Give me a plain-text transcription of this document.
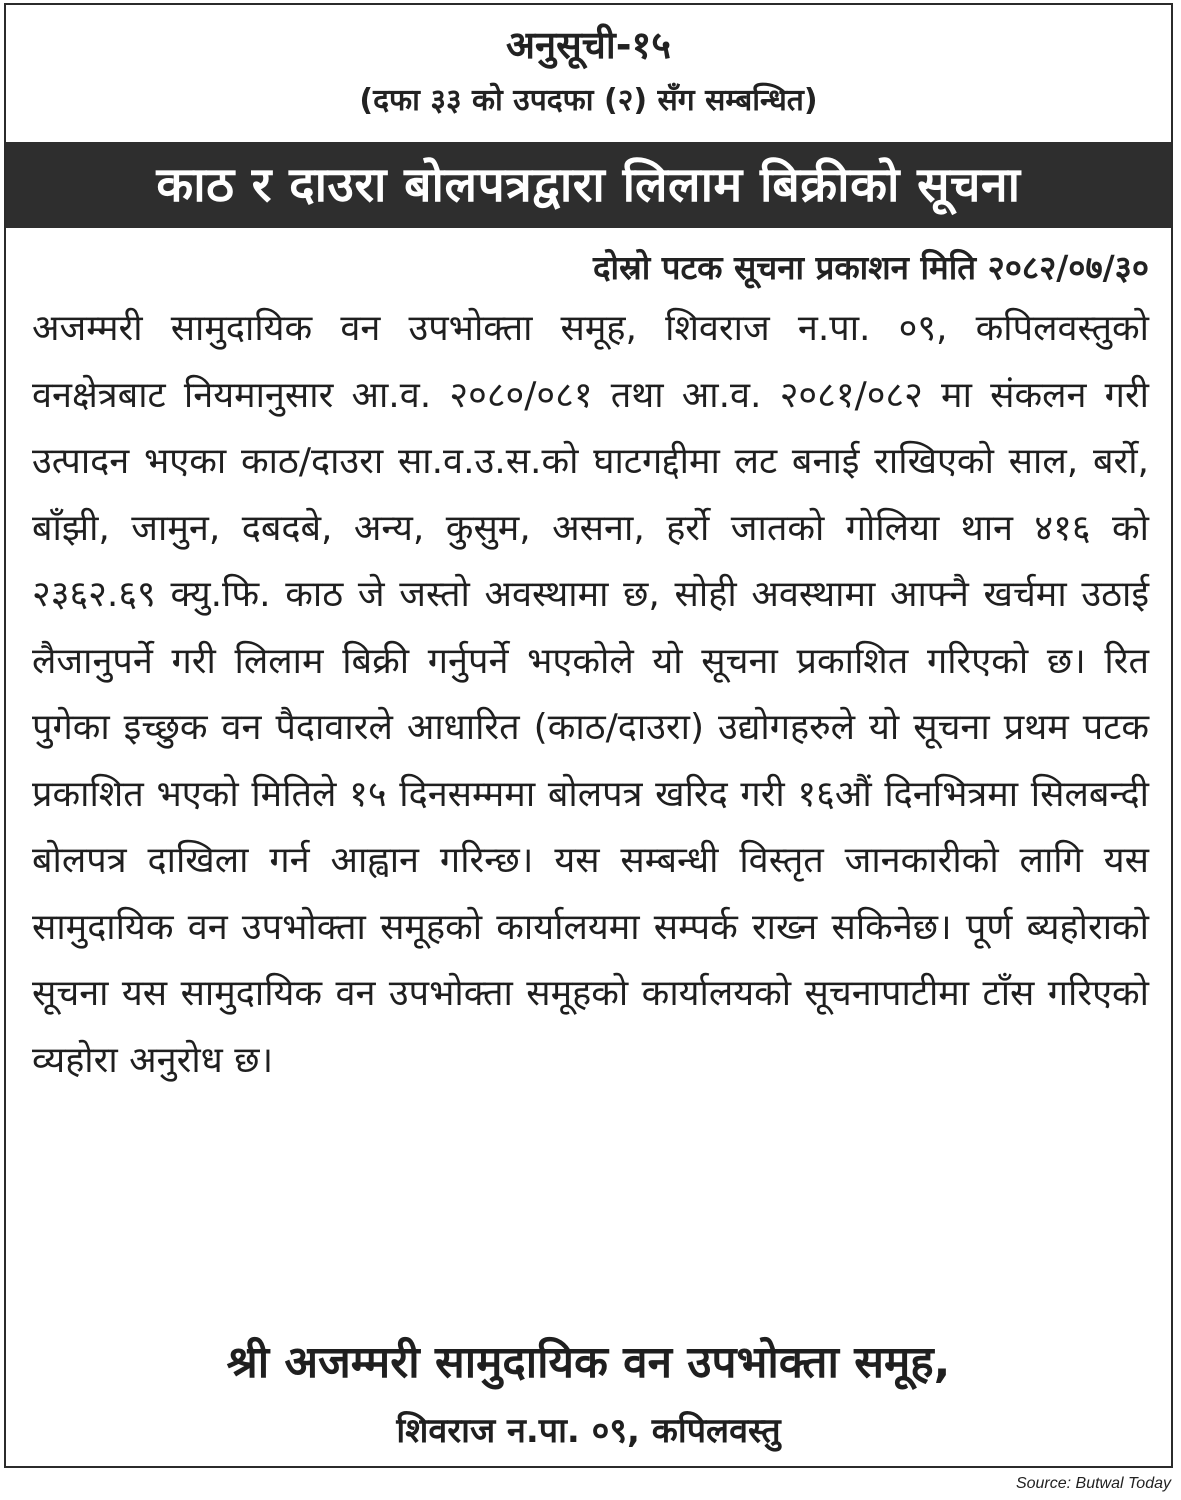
अनुसूची-१५
(दफा ३३ को उपदफा (२) सँग सम्बन्धित)
काठ र दाउरा बोलपत्रद्वारा लिलाम बिक्रीको सूचना
दोस्रो पटक सूचना प्रकाशन मिति २०८२/०७/३०
अजम्मरी सामुदायिक वन उपभोक्ता समूह, शिवराज न.पा. ०९, कपिलवस्तुको वनक्षेत्रबाट नियमानुसार आ.व. २०८०/०८१ तथा आ.व. २०८१/०८२ मा संकलन गरी उत्पादन भएका काठ/दाउरा सा.व.उ.स.को घाटगद्दीमा लट बनाई राखिएको साल, बर्रो, बाँझी, जामुन, दबदबे, अन्य, कुसुम, असना, हर्रो जातको गोलिया थान ४१६ को २३६२.६९ क्यु.फि. काठ जे जस्तो अवस्थामा छ, सोही अवस्थामा आफ्नै खर्चमा उठाई लैजानुपर्ने गरी लिलाम बिक्री गर्नुपर्ने भएकोले यो सूचना प्रकाशित गरिएको छ। रित पुगेका इच्छुक वन पैदावारले आधारित (काठ/दाउरा) उद्योगहरुले यो सूचना प्रथम पटक प्रकाशित भएको मितिले १५ दिनसम्ममा बोलपत्र खरिद गरी १६औं दिनभित्रमा सिलबन्दी बोलपत्र दाखिला गर्न आह्वान गरिन्छ। यस सम्बन्धी विस्तृत जानकारीको लागि यस सामुदायिक वन उपभोक्ता समूहको कार्यालयमा सम्पर्क राख्न सकिनेछ। पूर्ण ब्यहोराको सूचना यस सामुदायिक वन उपभोक्ता समूहको कार्यालयको सूचनापाटीमा टाँस गरिएको व्यहोरा अनुरोध छ।
श्री अजम्मरी सामुदायिक वन उपभोक्ता समूह,
शिवराज न.पा. ०९, कपिलवस्तु
Source: Butwal Today
